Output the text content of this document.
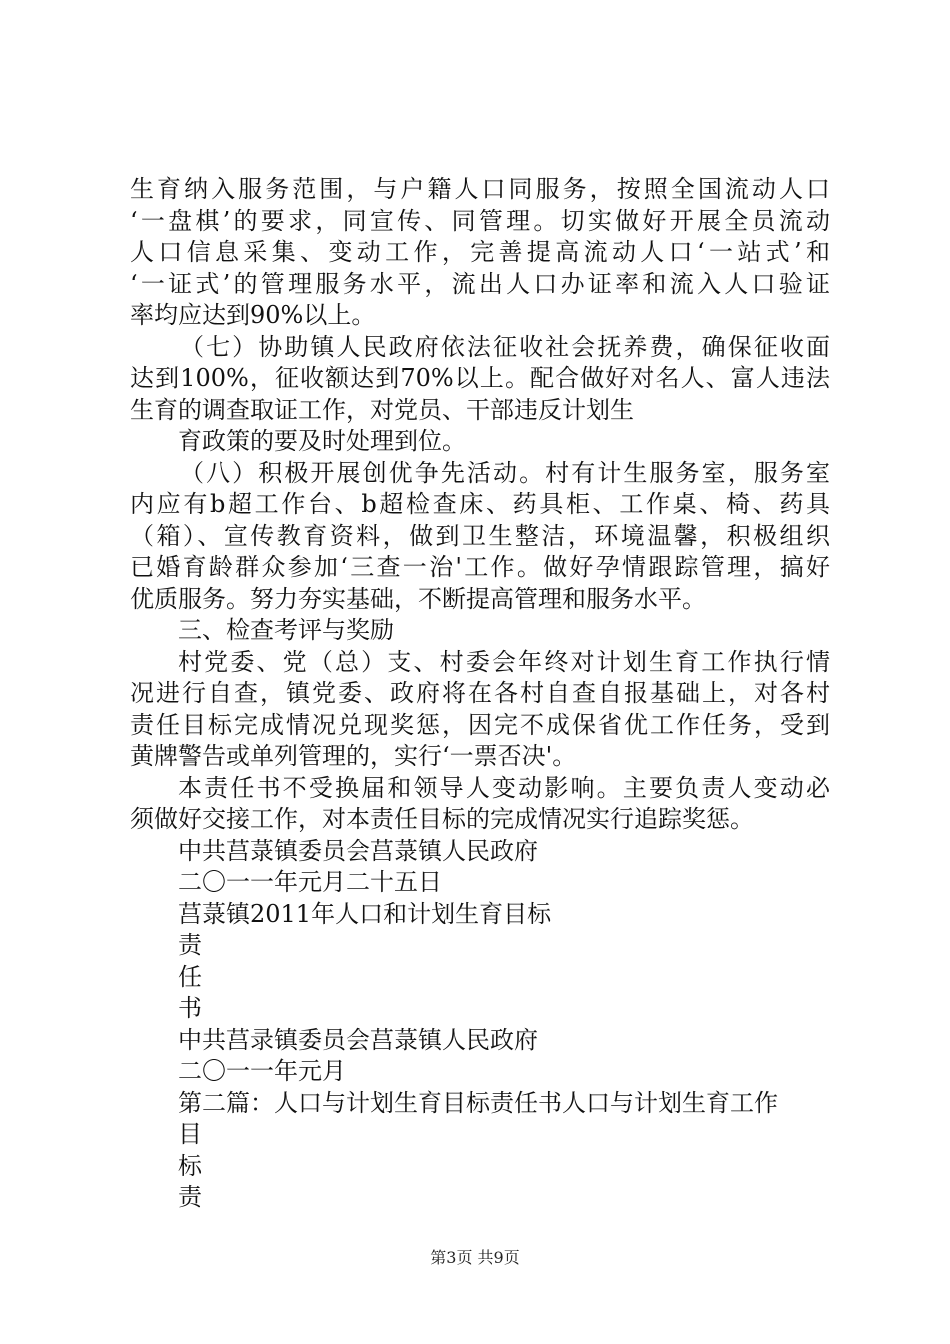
生育纳入服务范围，与户籍人口同服务，按照全国流动人口
‘一盘棋’的要求，同宣传、同管理。切实做好开展全员流动
人口信息采集、变动工作，完善提高流动人口‘一站式’和
‘一证式’的管理服务水平，流出人口办证率和流入人口验证
率均应达到90%以上。
（七）协助镇人民政府依法征收社会抚养费，确保征收面
达到100%，征收额达到70%以上。配合做好对名人、富人违法
生育的调查取证工作，对党员、干部违反计划生
育政策的要及时处理到位。
（八）积极开展创优争先活动。村有计生服务室，服务室
内应有b超工作台、b超检查床、药具柜、工作桌、椅、药具
（箱）、宣传教育资料，做到卫生整洁，环境温馨，积极组织
已婚育龄群众参加‘三查一治'工作。做好孕情跟踪管理，搞好
优质服务。努力夯实基础，不断提高管理和服务水平。
三、检查考评与奖励
村党委、党（总）支、村委会年终对计划生育工作执行情
况进行自查，镇党委、政府将在各村自查自报基础上，对各村
责任目标完成情况兑现奖惩，因完不成保省优工作任务，受到
黄牌警告或单列管理的，实行‘一票否决'。
本责任书不受换届和领导人变动影响。主要负责人变动必
须做好交接工作，对本责任目标的完成情况实行追踪奖惩。
中共莒菉镇委员会莒菉镇人民政府
二〇一一年元月二十五日
莒菉镇2011年人口和计划生育目标
责
任
书
中共莒录镇委员会莒菉镇人民政府
二〇一一年元月
第二篇：人口与计划生育目标责任书人口与计划生育工作
目
标
责
第3页 共9页
